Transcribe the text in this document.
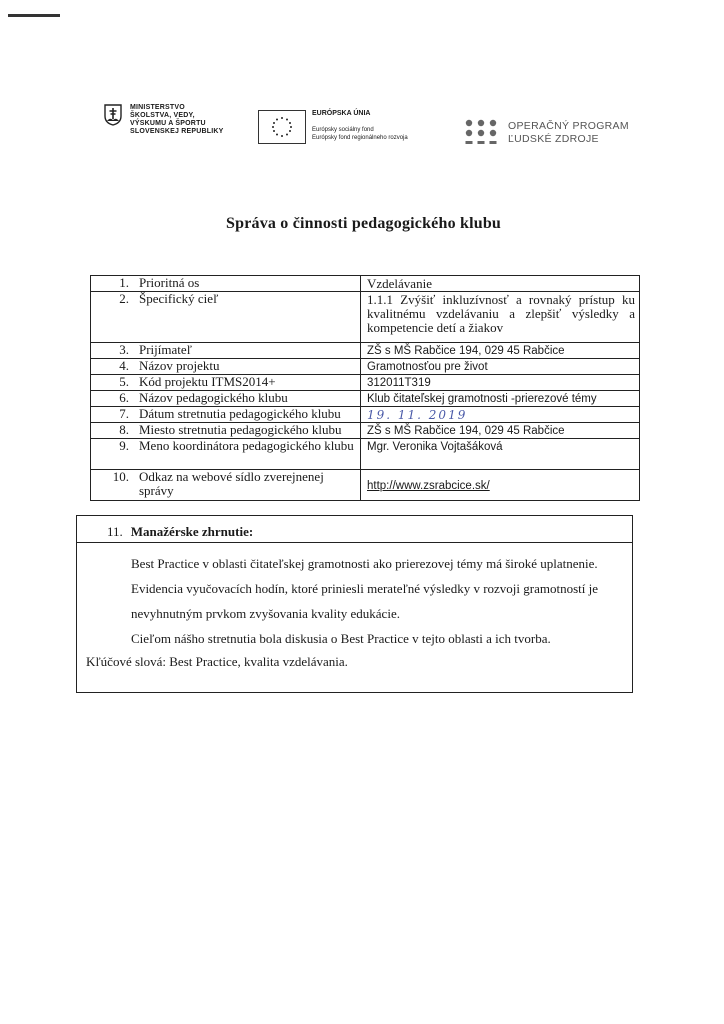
MINISTERSTVO
ŠKOLSTVA, VEDY,
VÝSKUMU A ŠPORTU
SLOVENSKEJ REPUBLIKY
EURÓPSKA ÚNIA
Európsky sociálny fond
Európsky fond regionálneho rozvoja
OPERAČNÝ PROGRAM
ĽUDSKÉ ZDROJE
Správa o činnosti pedagogického klubu
1. Prioritná os	Vzdelávanie
2. Špecifický cieľ	1.1.1 Zvýšiť inkluzívnosť a rovnaký prístup ku kvalitnému vzdelávaniu a zlepšiť výsledky a kompetencie detí a žiakov
3. Prijímateľ	ZŠ s MŠ Rabčice 194, 029 45 Rabčice
4. Názov projektu	Gramotnosťou pre život
5. Kód projektu ITMS2014+	312011T319
6. Názov pedagogického klubu	Klub čitateľskej gramotnosti -prierezové témy
7. Dátum stretnutia pedagogického klubu	19. 11. 2019
8. Miesto stretnutia pedagogického klubu	ZŠ s MŠ Rabčice 194, 029 45 Rabčice
9. Meno koordinátora pedagogického klubu	Mgr. Veronika Vojtašáková
10. Odkaz na webové sídlo zverejnenej správy	http://www.zsrabcice.sk/
11. Manažérske zhrnutie:
Best Practice v oblasti čitateľskej gramotnosti ako prierezovej témy má široké uplatnenie.
Evidencia vyučovacích hodín, ktoré priniesli merateľné výsledky v rozvoji gramotností je
nevyhnutným prvkom zvyšovania kvality edukácie.
Cieľom nášho stretnutia bola diskusia o Best Practice v tejto oblasti a ich tvorba.
Kľúčové slová: Best Practice, kvalita vzdelávania.
